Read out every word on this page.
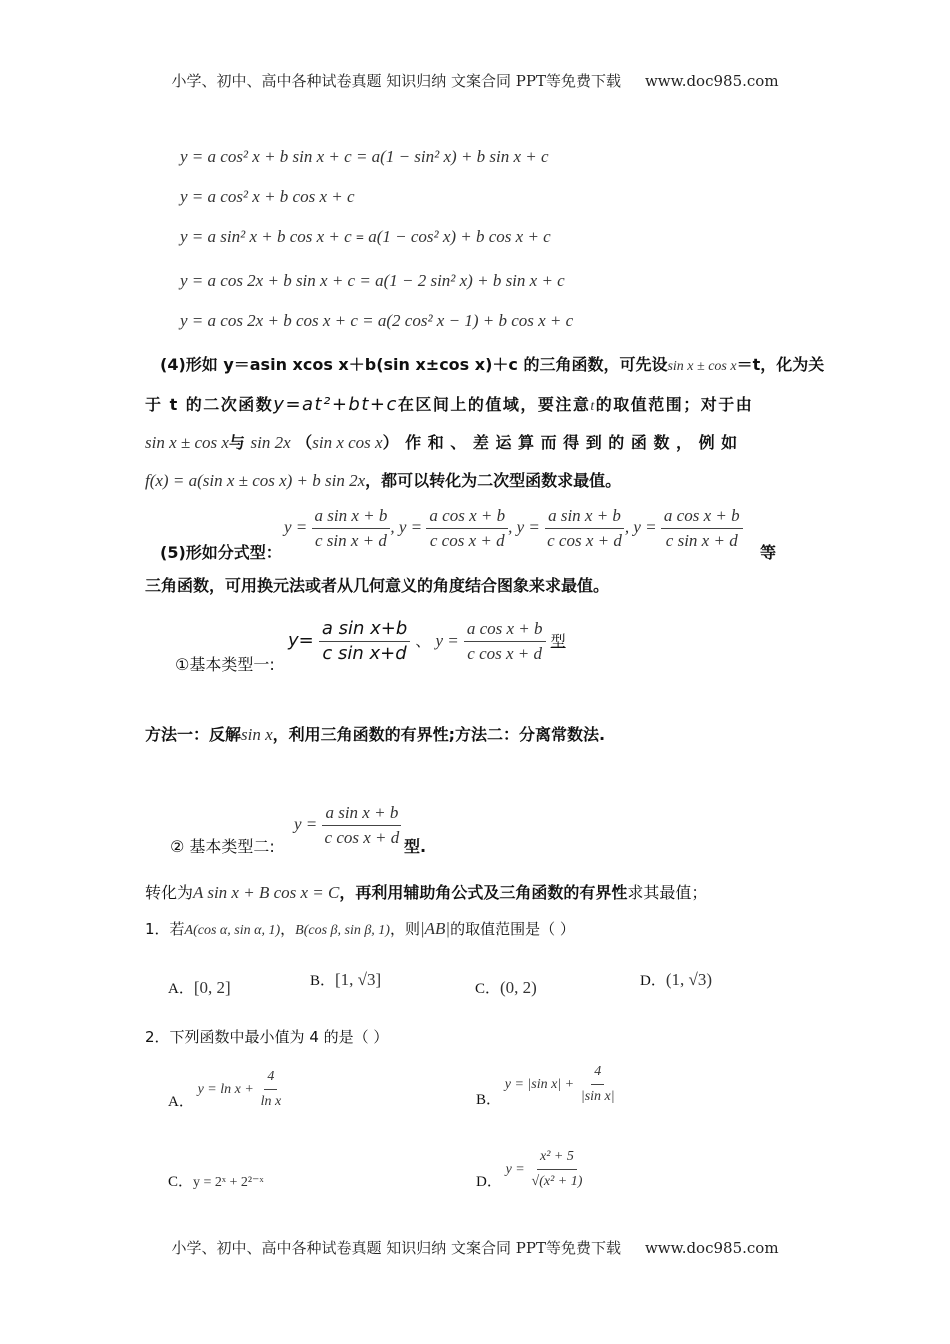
小学、初中、高中各种试卷真题 知识归纳 文案合同 PPT等免费下载 www.doc985.com
y = a cos² x + b sin x + c = a(1 − sin² x) + b sin x + c
y = a cos² x + b cos x + c
y = a sin² x + b cos x + c = a(1 − cos² x) + b cos x + c
y = a cos 2x + b sin x + c = a(1 − 2 sin² x) + b sin x + c
y = a cos 2x + b cos x + c = a(2 cos² x − 1) + b cos x + c
(4)形如 y＝asin xcos x＋b(sin x±cos x)＋c 的三角函数，可先设sin x ± cos x＝t，化为关
于 t 的二次函数y=at²+bt+c在区间上的值域，要注意t的取值范围；对于由
sin x ± cos x与 sin 2x （sin x cos x） 作 和 、 差 运 算 而 得 到 的 函 数 ， 例 如
f(x) = a(sin x ± cos x) + b sin 2x，都可以转化为二次型函数求最值。
(5)形如分式型：
$y = \frac{\text{a sin x + b}}{\text{c sin x + d}}$ , $y = \frac{\text{a cos x + b}}{\text{c cos x + d}}$ , $y = \frac{\text{a sin x + b}}{\text{c cos x + d}}$ , $y = \frac{\text{a cos x + b}}{\text{c sin x + d}}$
等
三角函数，可用换元法或者从几何意义的角度结合图象来求最值。
①基本类型一:
$y= \frac{\text{a sin x+b}}{\text{c sin x+d}}$ 、 $y = \frac{\text{a cos x + b}}{\text{c cos x + d}}$ 型
方法一：反解sin x，利用三角函数的有界性;方法二：分离常数法.
② 基本类型二:
$y = \frac{\text{a sin x + b}}{\text{c cos x + d}}$ 型.
转化为A sin x + B cos x = C，再利用辅助角公式及三角函数的有界性求其最值；
1．若A(cos α, sin α, 1)，B(cos β, sin β, 1)，则|AB|的取值范围是（ ）
A．[0, 2]	B．[1, √3]	C．(0, 2)	D．(1, √3)
2．下列函数中最小值为 4 的是（ ）
A． $y = \ln x + \frac{4}{\text{ln x}}$	B． y = |sin $x| + \frac{4}{\text{|sin x|}}$
C．y = 2ˣ + 2²⁻ˣ	D． $y = \frac{\text{x² + 5}}{\text{√(x² + 1)}}$
小学、初中、高中各种试卷真题 知识归纳 文案合同 PPT等免费下载 www.doc985.com
